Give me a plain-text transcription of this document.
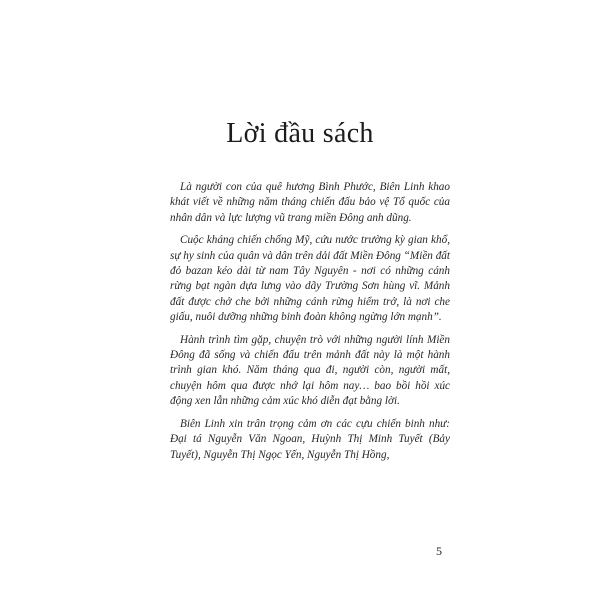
Lời đầu sách

Là người con của quê hương Bình Phước, Biên Linh khao khát viết về những năm tháng chiến đấu bảo vệ Tổ quốc của nhân dân và lực lượng vũ trang miền Đông anh dũng.

Cuộc kháng chiến chống Mỹ, cứu nước trường kỳ gian khổ, sự hy sinh của quân và dân trên dải đất Miền Đông “Miền đất đỏ bazan kéo dài từ nam Tây Nguyên - nơi có những cánh rừng bạt ngàn dựa lưng vào dãy Trường Sơn hùng vĩ. Mảnh đất được chở che bởi những cánh rừng hiểm trở, là nơi che giấu, nuôi dưỡng những binh đoàn không ngừng lớn mạnh”.

Hành trình tìm gặp, chuyện trò với những người lính Miền Đông đã sống và chiến đấu trên mảnh đất này là một hành trình gian khó. Năm tháng qua đi, người còn, người mất, chuyện hôm qua được nhớ lại hôm nay… bao bồi hồi xúc động xen lẫn những cảm xúc khó diễn đạt bằng lời.

Biên Linh xin trân trọng cảm ơn các cựu chiến binh như: Đại tá Nguyễn Văn Ngoan, Huỳnh Thị Minh Tuyết (Bảy Tuyết), Nguyễn Thị Ngọc Yến, Nguyễn Thị Hồng,

5
